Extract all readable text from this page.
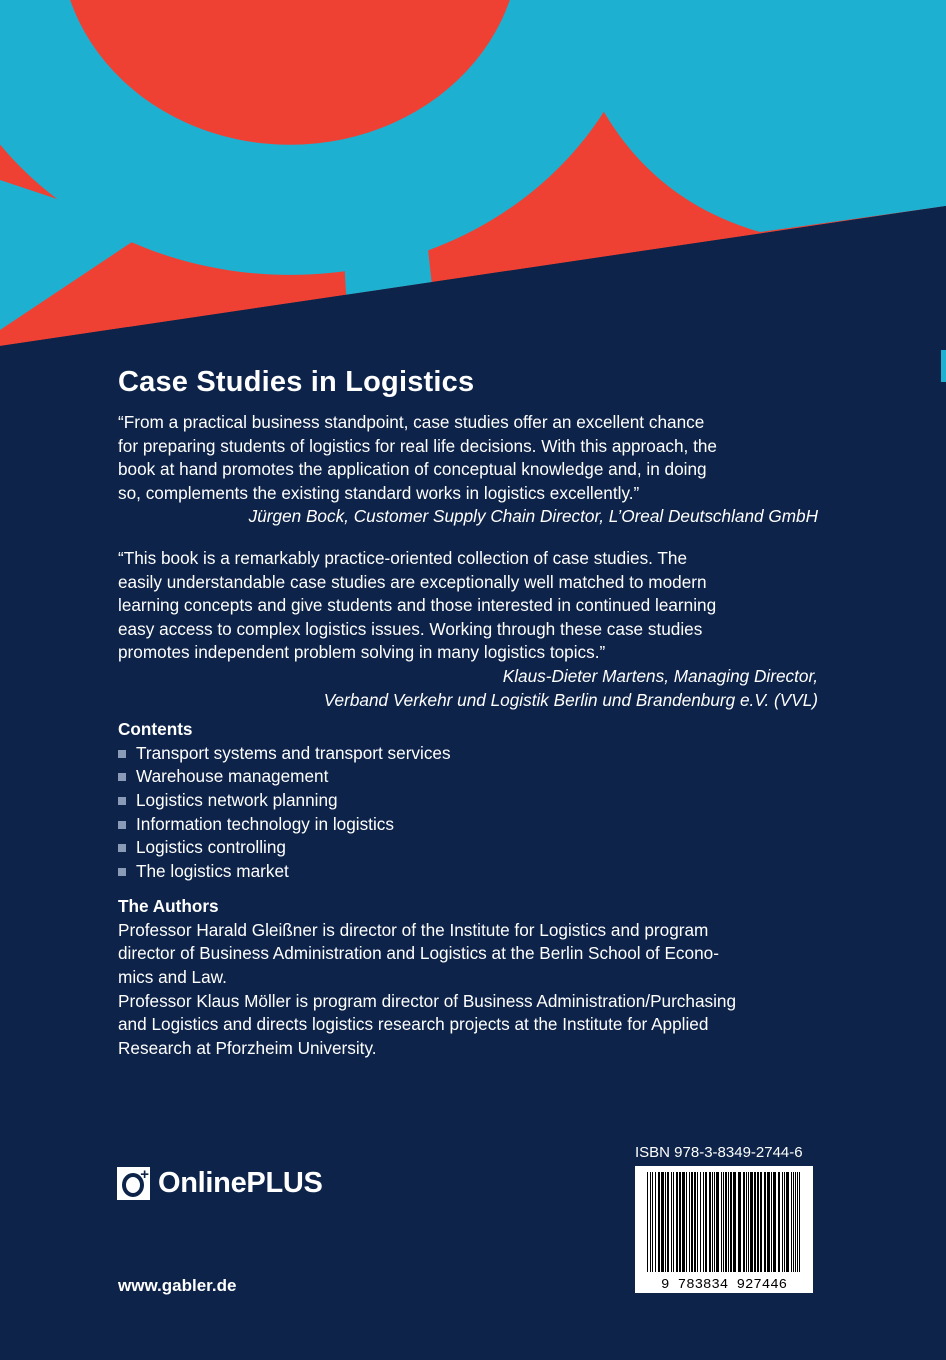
Case Studies in Logistics

“From a practical business standpoint, case studies offer an excellent chance

for preparing students of logistics for real life decisions. With this approach, the

book at hand promotes the application of conceptual knowledge and, in doing

so, complements the existing standard works in logistics excellently.”

Jürgen Bock, Customer Supply Chain Director, L’Oreal Deutschland GmbH

“This book is a remarkably practice-oriented collection of case studies. The

easily understandable case studies are exceptionally well matched to modern

learning concepts and give students and those interested in continued learning

easy access to complex logistics issues. Working through these case studies

promotes independent problem solving in many logistics topics.”

Klaus-Dieter Martens, Managing Director,

Verband Verkehr und Logistik Berlin und Brandenburg e.V. (VVL)

Contents

Transport systems and transport services
Warehouse management
Logistics network planning
Information technology in logistics
Logistics controlling
The logistics market

The Authors

Professor Harald Gleißner is director of the Institute for Logistics and program

director of Business Administration and Logistics at the Berlin School of Econo-

mics and Law.

Professor Klaus Möller is program director of Business Administration/Purchasing

and Logistics and directs logistics research projects at the Institute for Applied

Research at Pforzheim University.

+ OnlinePLUS
www.gabler.de
ISBN 978-3-8349-2744-6
9 783834 927446
